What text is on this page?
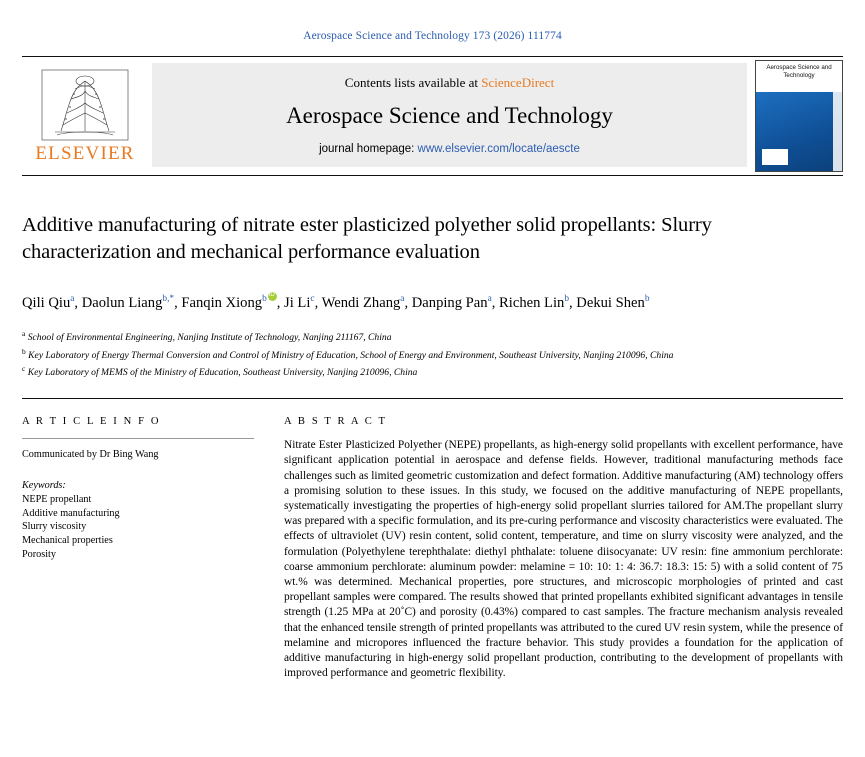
Aerospace Science and Technology 173 (2026) 111774
ELSEVIER
Contents lists available at ScienceDirect
Aerospace Science and Technology
journal homepage: www.elsevier.com/locate/aescte
Aerospace Science and Technology
Additive manufacturing of nitrate ester plasticized polyether solid propellants: Slurry characterization and mechanical performance evaluation
Qili Qiu$^a$, Daolun Liang$^{b,*}$, Fanqin Xiong$^b$ iD , Ji Li$^c$, Wendi Zhang$^a$, Danping Pan$^a$, Richen Lin$^b$, Dekui Shen$^b$
$^a$ School of Environmental Engineering, Nanjing Institute of Technology, Nanjing 211167, China
$^b$ Key Laboratory of Energy Thermal Conversion and Control of Ministry of Education, School of Energy and Environment, Southeast University, Nanjing 210096, China
$^c$ Key Laboratory of MEMS of the Ministry of Education, Southeast University, Nanjing 210096, China
A R T I C L E I N F O
Communicated by Dr Bing Wang
Keywords:
NEPE propellant
Additive manufacturing
Slurry viscosity
Mechanical properties
Porosity
A B S T R A C T

Nitrate Ester Plasticized Polyether (NEPE) propellants, as high-energy solid propellants with excellent performance, have significant application potential in aerospace and defense fields. However, traditional manufacturing methods face challenges such as limited geometric customization and defect formation. Additive manufacturing (AM) technology offers a promising solution to these issues. In this study, we focused on the additive manufacturing of NEPE propellants, systematically investigating the properties of high-energy solid propellant slurries tailored for AM.The propellant slurry was prepared with a specific formulation, and its pre-curing performance and viscosity characteristics were evaluated. The effects of ultraviolet (UV) resin content, solid content, temperature, and time on slurry viscosity were analyzed, and the formulation (Polyethylene terephthalate: diethyl phthalate: toluene diisocyanate: UV resin: fine ammonium perchlorate: coarse ammonium perchlorate: aluminum powder: melamine = 10: 10: 1: 4: 36.7: 18.3: 15: 5) with a solid content of 75 wt.% was determined. Mechanical properties, pore structures, and microscopic morphologies of printed and cast propellant samples were compared. The results showed that printed propellants exhibited significant advantages in tensile strength (1.25 MPa at 20˚C) and porosity (0.43%) compared to cast samples. The fracture mechanism analysis revealed that the enhanced tensile strength of printed propellants was attributed to the cured UV resin system, while the presence of melamine and micropores influenced the fracture behavior. This study provides a foundation for the application of additive manufacturing in high-energy solid propellant production, contributing to the development of propellants with improved performance and geometric flexibility.
